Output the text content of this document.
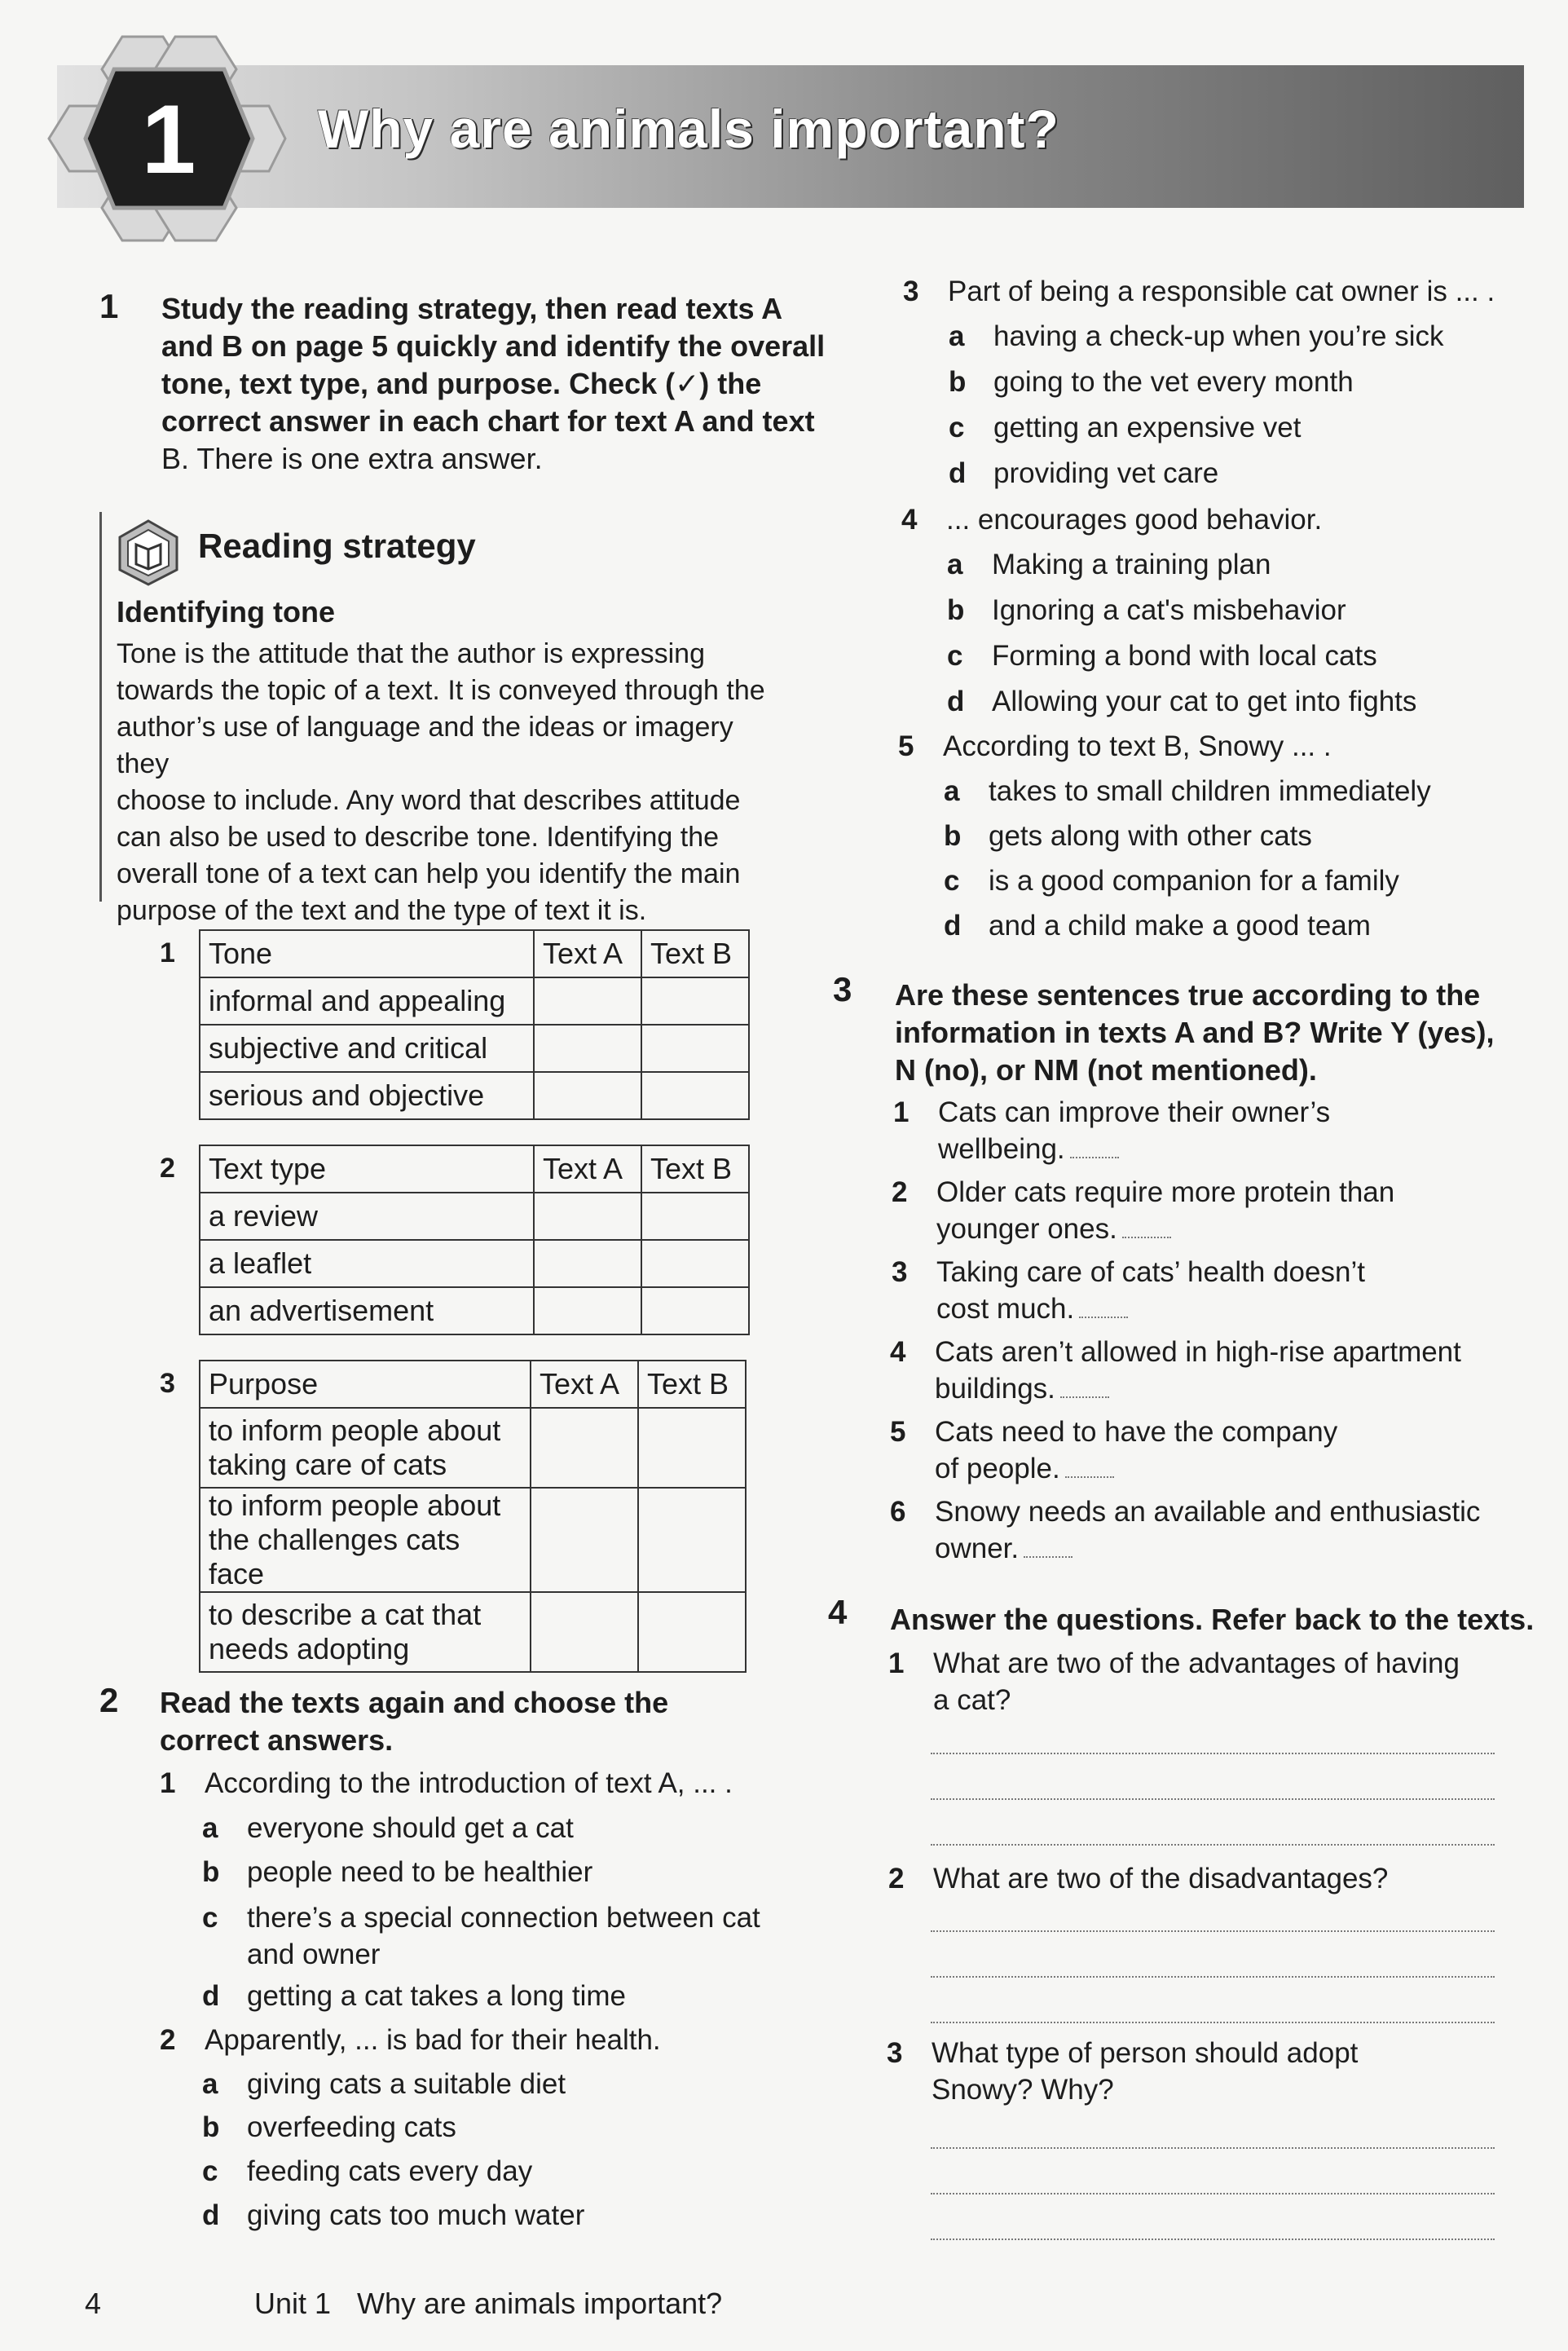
1 Why are animals important?
1 Study the reading strategy, then read texts A
and B on page 5 quickly and identify the overall
tone, text type, and purpose. Check (✓) the
correct answer in each chart for text A and text
B. There is one extra answer.
Reading strategy
Identifying tone
Tone is the attitude that the author is expressing
towards the topic of a text. It is conveyed through the
author’s use of language and the ideas or imagery they
choose to include. Any word that describes attitude
can also be used to describe tone. Identifying the
overall tone of a text can help you identify the main
purpose of the text and the type of text it is.
1 Tone	Text A	Text B
informal and appealing		
subjective and critical		
serious and objective		
2 Text type	Text A	Text B
a review		
a leaflet		
an advertisement		
3 Purpose	Text A	Text B

to inform people about
taking care of cats		

to inform people about
the challenges cats face		

to describe a cat that
needs adopting		

2 Read the texts again and choose the
correct answers.
1 According to the introduction of text A, ... .
a everyone should get a cat
b people need to be healthier
c there’s a special connection between cat
and owner
d getting a cat takes a long time
2 Apparently, ... is bad for their health.
a giving cats a suitable diet
b overfeeding cats
c feeding cats every day
d giving cats too much water
3 Part of being a responsible cat owner is ... .
a having a check-up when you’re sick
b going to the vet every month
c getting an expensive vet
d providing vet care
4 ... encourages good behavior.
a Making a training plan
b Ignoring a cat's misbehavior
c Forming a bond with local cats
d Allowing your cat to get into fights
5 According to text B, Snowy ... .
a takes to small children immediately
b gets along with other cats
c is a good companion for a family
d and a child make a good team
3 Are these sentences true according to the
information in texts A and B? Write Y (yes),
N (no), or NM (not mentioned).
1 Cats can improve their owner’s
wellbeing.
2 Older cats require more protein than
younger ones.
3 Taking care of cats’ health doesn’t
cost much.
4 Cats aren’t allowed in high-rise apartment
buildings.
5 Cats need to have the company
of people.
6 Snowy needs an available and enthusiastic
owner.
4 Answer the questions. Refer back to the texts.
1 What are two of the advantages of having
a cat?
2 What are two of the disadvantages?
3 What type of person should adopt
Snowy? Why?
4	Unit 1 Why are animals important?
